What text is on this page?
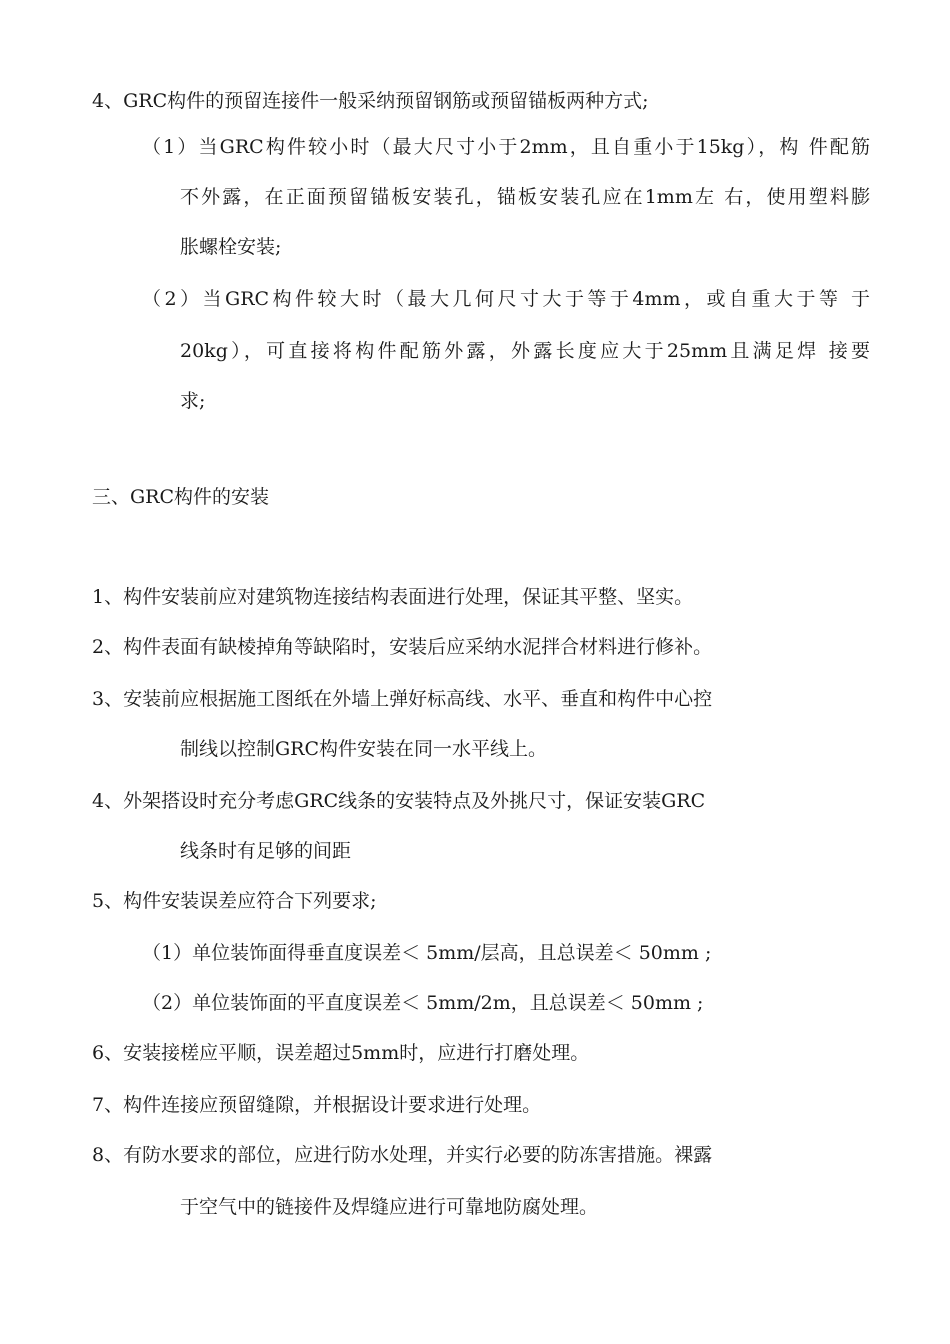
4、GRC构件的预留连接件一般采纳预留钢筋或预留锚板两种方式;

（1）当GRC构件较小时（最大尺寸小于2mm，且自重小于15kg），构 件配筋

不外露，在正面预留锚板安装孔，锚板安装孔应在1mm左 右，使用塑料膨

胀螺栓安装;

（2）当GRC构件较大时（最大几何尺寸大于等于4mm，或自重大于等 于

20kg），可直接将构件配筋外露，外露长度应大于25mm且满足焊 接要

求;

三、GRC构件的安装

1、构件安装前应对建筑物连接结构表面进行处理，保证其平整、坚实。

2、构件表面有缺棱掉角等缺陷时，安装后应采纳水泥拌合材料进行修补。

3、安装前应根据施工图纸在外墙上弹好标高线、水平、垂直和构件中心控

制线以控制GRC构件安装在同一水平线上。

4、外架搭设时充分考虑GRC线条的安装特点及外挑尺寸，保证安装GRC

线条时有足够的间距

5、构件安装误差应符合下列要求;

（1）单位装饰面得垂直度误差＜ 5mm/层高，且总误差＜ 50mm ;

（2）单位装饰面的平直度误差＜ 5mm/2m，且总误差＜ 50mm ;

6、安装接槎应平顺，误差超过5mm时，应进行打磨处理。

7、构件连接应预留缝隙，并根据设计要求进行处理。

8、有防水要求的部位，应进行防水处理，并实行必要的防冻害措施。裸露

于空气中的链接件及焊缝应进行可靠地防腐处理。
